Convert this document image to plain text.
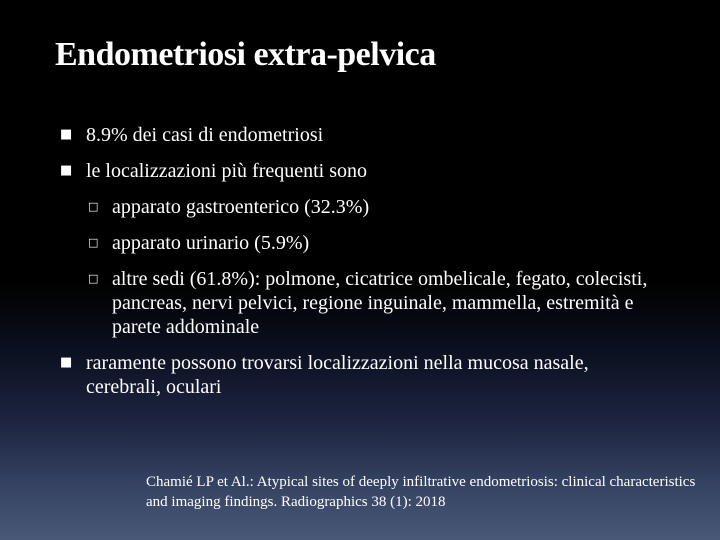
Endometriosi extra-pelvica
■ 8.9% dei casi di endometriosi
■ le localizzazioni più frequenti sono
□ apparato gastroenterico (32.3%)
□ apparato urinario (5.9%)
□ altre sedi (61.8%): polmone, cicatrice ombelicale, fegato, colecisti, pancreas, nervi pelvici, regione inguinale, mammella, estremità e parete addominale
■ raramente possono trovarsi localizzazioni nella mucosa nasale, cerebrali, oculari
Chamié LP et Al.: Atypical sites of deeply infiltrative endometriosis: clinical characteristics and imaging findings. Radiographics 38 (1): 2018
